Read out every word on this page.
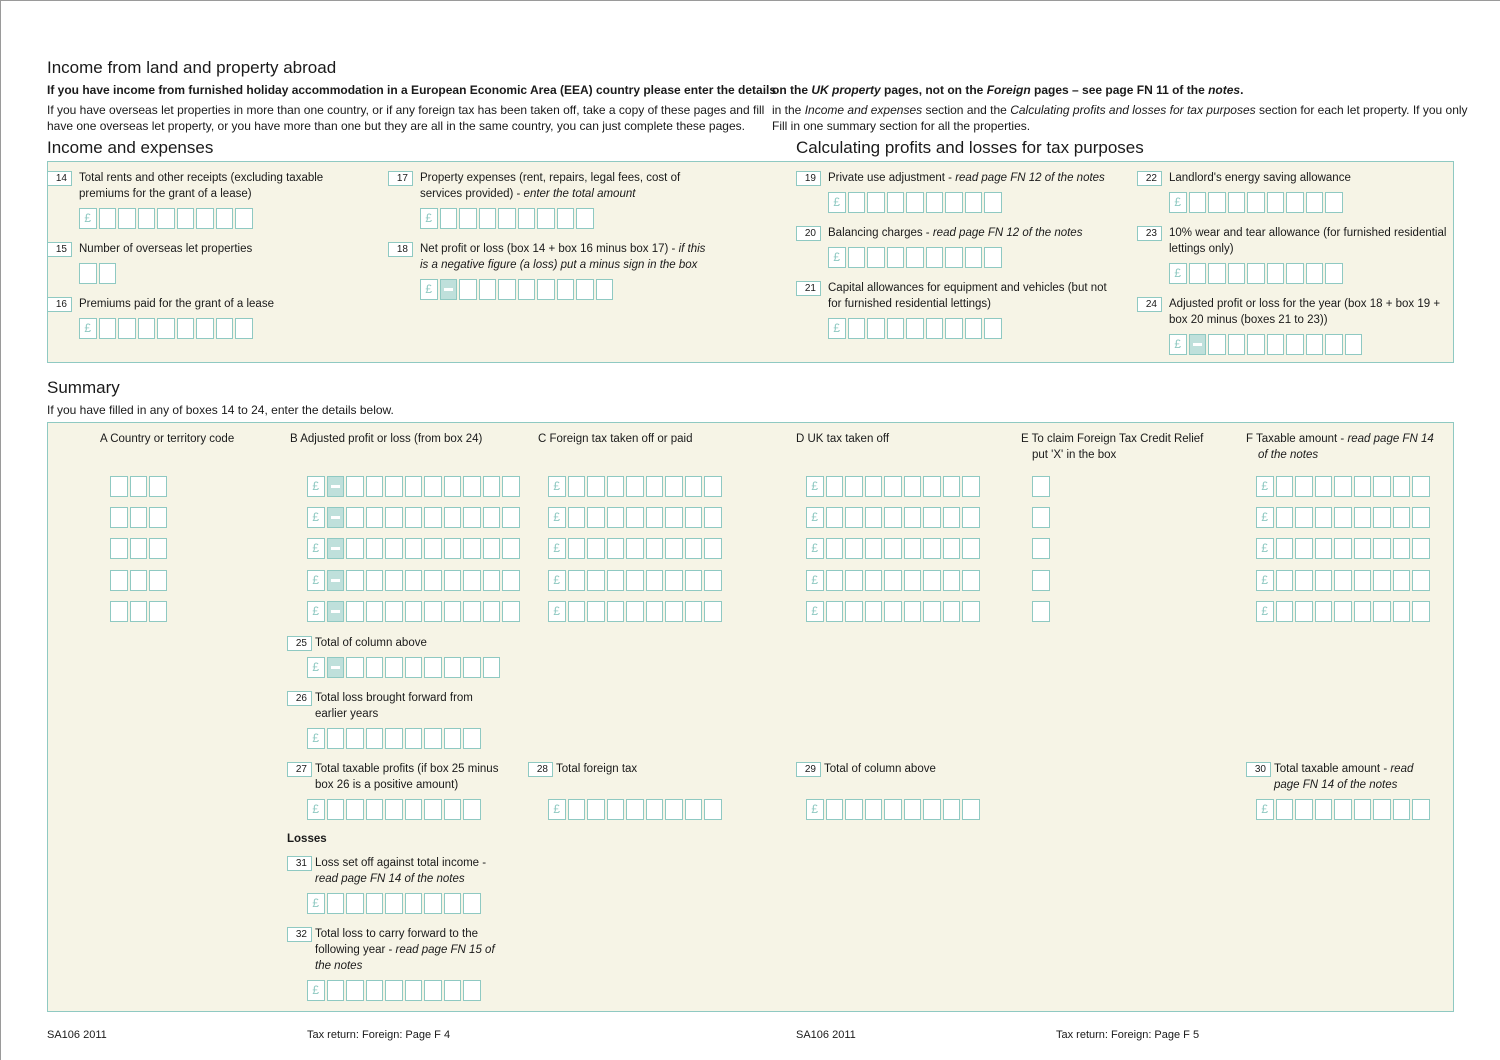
Income from land and property abroad
If you have income from furnished holiday accommodation in a European Economic Area (EEA) country please enter the details
on the UK property pages, not on the Foreign pages – see page FN 11 of the notes.
If you have overseas let properties in more than one country, or if any foreign tax has been taken off, take a copy of these pages and fill
have one overseas let property, or you have more than one but they are all in the same country, you can just complete these pages.
in the Income and expenses section and the Calculating profits and losses for tax purposes section for each let property. If you only
Fill in one summary section for all the properties.
Income and expenses	Calculating profits and losses for tax purposes
14	Total rents and other receipts (excluding taxable premiums for the grant of a lease)
£
15	Number of overseas let properties
16	Premiums paid for the grant of a lease
£
17	Property expenses (rent, repairs, legal fees, cost of services provided) - enter the total amount
£
18	Net profit or loss (box 14 + box 16 minus box 17) - if this is a negative figure (a loss) put a minus sign in the box
£
19	Private use adjustment - read page FN 12 of the notes
£
20	Balancing charges - read page FN 12 of the notes
£
21	Capital allowances for equipment and vehicles (but not for furnished residential lettings)
£
22	Landlord's energy saving allowance
£
23	10% wear and tear allowance (for furnished residential lettings only)
£
24	Adjusted profit or loss for the year (box 18 + box 19 + box 20 minus (boxes 21 to 23))
£
Summary
If you have filled in any of boxes 14 to 24, enter the details below.
A Country or territory code	B Adjusted profit or loss (from box 24)	C Foreign tax taken off or paid	D UK tax taken off	E To claim Foreign Tax Credit Relief
put 'X' in the box
F Taxable amount - read page FN 14
of the notes
£	£	£	£
£	£	£	£
£	£	£	£
£	£	£	£
£	£	£	£
25 Total of column above
£
26 Total loss brought forward from earlier years
£
27 Total taxable profits (if box 25 minus box 26 is a positive amount)
£
28 Total foreign tax
£
29 Total of column above
£
30 Total taxable amount - read page FN 14 of the notes
£
Losses
31 Loss set off against total income - read page FN 14 of the notes
£
32 Total loss to carry forward to the following year - read page FN 15 of the notes
£
SA106 2011	Tax return: Foreign: Page F 4	SA106 2011	Tax return: Foreign: Page F 5
